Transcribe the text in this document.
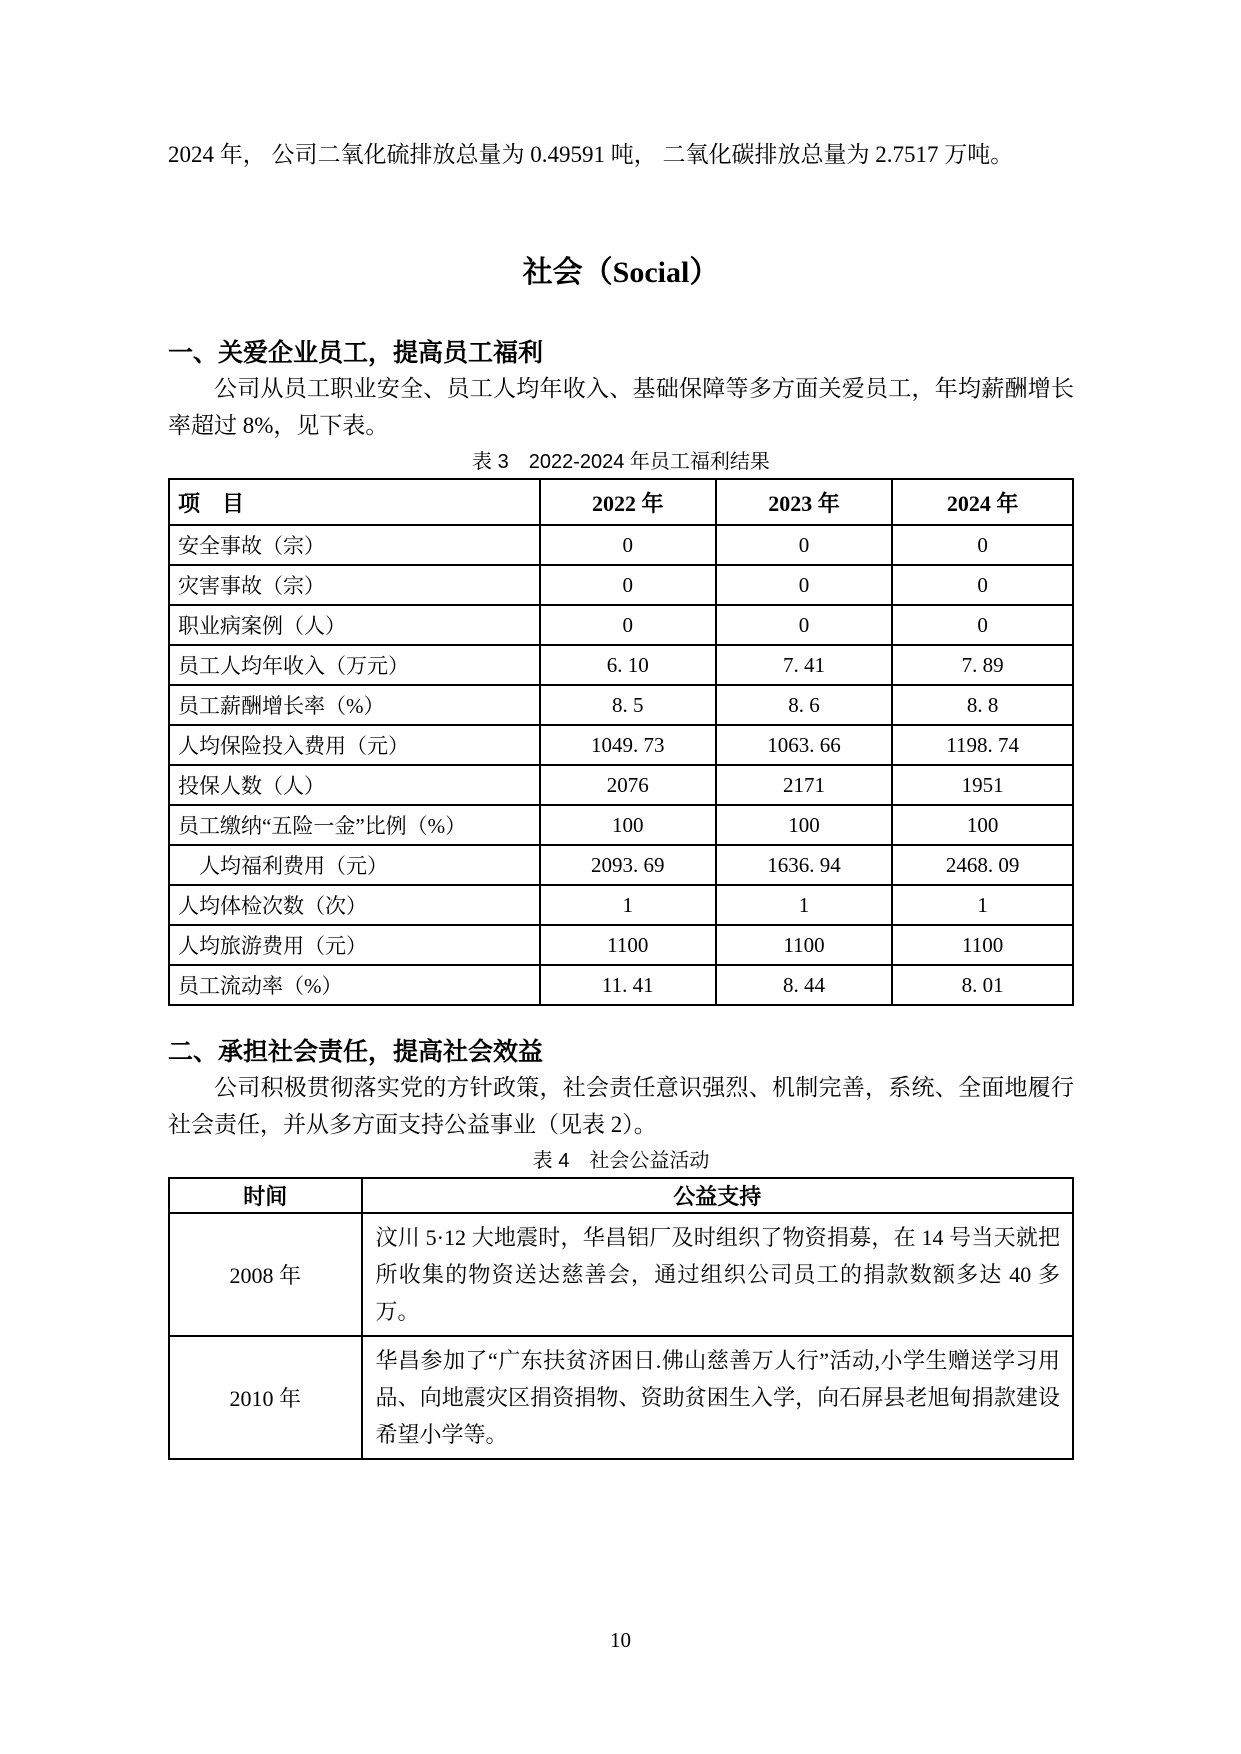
2024 年， 公司二氧化硫排放总量为 0.49591 吨， 二氧化碳排放总量为 2.7517 万吨。

社会（Social）
一、关爱企业员工，提高员工福利

公司从员工职业安全、员工人均年收入、基础保障等多方面关爱员工，年均薪酬增长率超过 8%，见下表。

表 3　2022-2024 年员工福利结果

项　目	2022 年	2023 年	2024 年
安全事故（宗）	0	0	0
灾害事故（宗）	0	0	0
职业病案例（人）	0	0	0
员工人均年收入（万元）	6. 10	7. 41	7. 89
员工薪酬增长率（%）	8. 5	8. 6	8. 8
人均保险投入费用（元）	1049. 73	1063. 66	1198. 74
投保人数（人）	2076	2171	1951
员工缴纳“五险一金”比例（%）	100	100	100
　人均福利费用（元）	2093. 69	1636. 94	2468. 09
人均体检次数（次）	1	1	1
人均旅游费用（元）	1100	1100	1100
员工流动率（%）	11. 41	8. 44	8. 01
二、承担社会责任，提高社会效益

公司积极贯彻落实党的方针政策，社会责任意识强烈、机制完善，系统、全面地履行社会责任，并从多方面支持公益事业（见表 2）。

表 4　社会公益活动

时间	公益支持
2008 年	汶川 5·12 大地震时，华昌铝厂及时组织了物资捐募，在 14 号当天就把所收集的物资送达慈善会，通过组织公司员工的捐款数额多达 40 多万。
2010 年	华昌参加了“广东扶贫济困日.佛山慈善万人行”活动,小学生赠送学习用品、向地震灾区捐资捐物、资助贫困生入学，向石屏县老旭甸捐款建设希望小学等。
10
